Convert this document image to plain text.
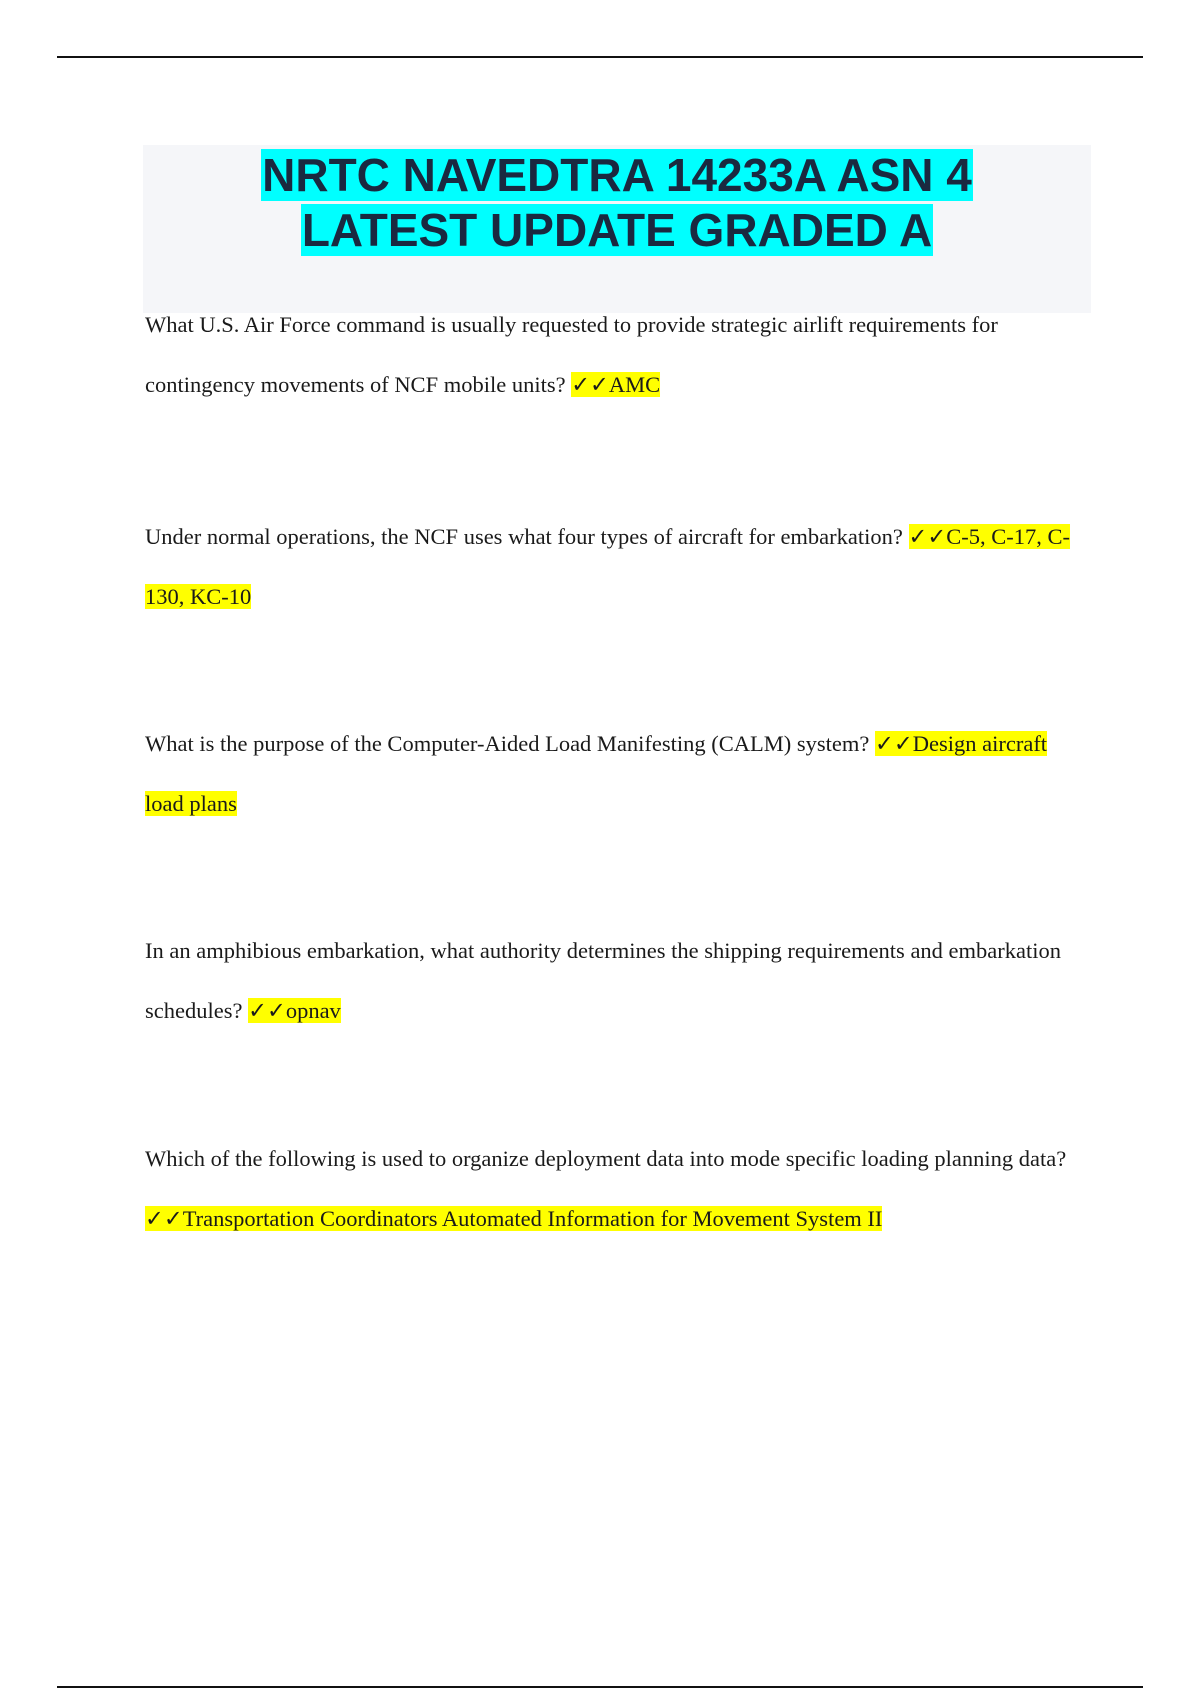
NRTC NAVEDTRA 14233A ASN 4
LATEST UPDATE GRADED A

What U.S. Air Force command is usually requested to provide strategic airlift requirements for contingency movements of NCF mobile units? ✓✓AMC

Under normal operations, the NCF uses what four types of aircraft for embarkation? ✓✓C-5, C-17, C-130, KC-10

What is the purpose of the Computer-Aided Load Manifesting (CALM) system? ✓✓Design aircraft load plans

In an amphibious embarkation, what authority determines the shipping requirements and embarkation schedules? ✓✓opnav

Which of the following is used to organize deployment data into mode specific loading planning data? ✓✓Transportation Coordinators Automated Information for Movement System II
